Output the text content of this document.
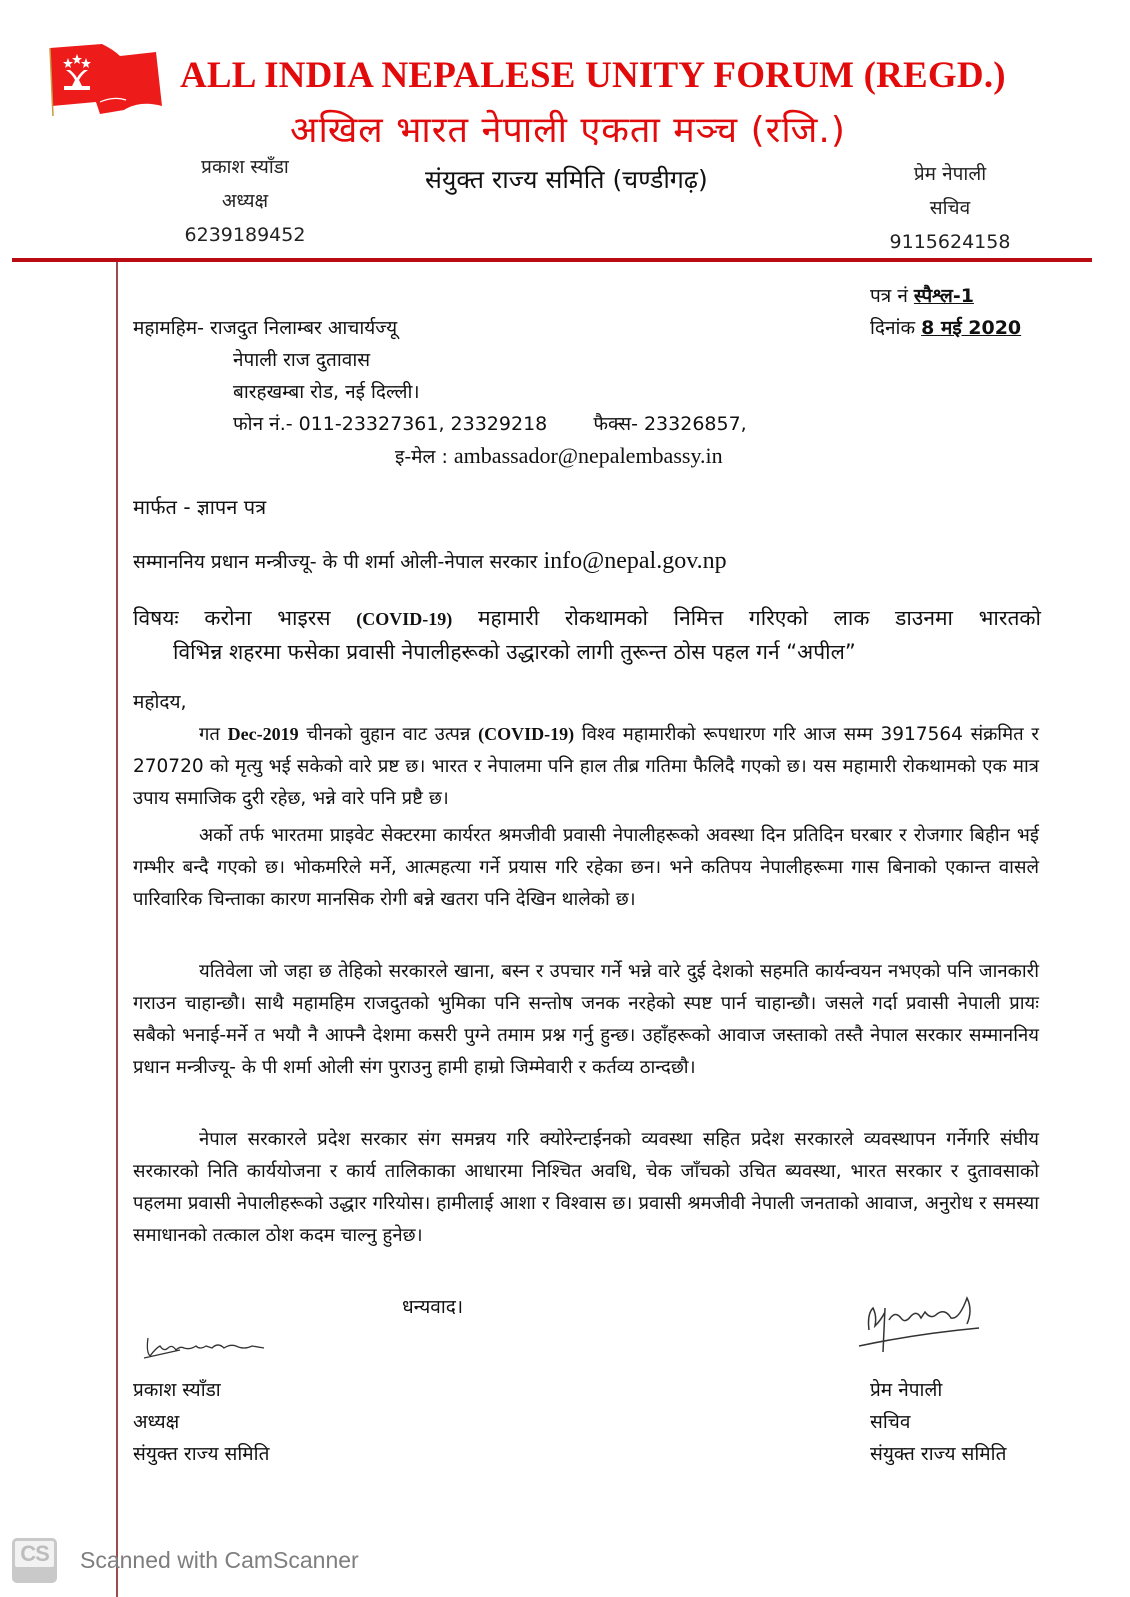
ALL INDIA NEPALESE UNITY FORUM (REGD.)
अखिल भारत नेपाली एकता मञ्च (रजि.)
संयुक्त राज्य समिति (चण्डीगढ़)
प्रकाश स्याँडा
अध्यक्ष
6239189452
प्रेम नेपाली
सचिव
9115624158
पत्र नं स्पैश्ल-1
दिनांक 8 मई 2020
महामहिम- राजदुत निलाम्बर आचार्यज्यू
नेपाली राज दुतावास
बारहखम्बा रोड, नई दिल्ली।
फोन नं.- 011-23327361, 23329218 फैक्स- 23326857,
इ-मेल : ambassador@nepalembassy.in
मार्फत - ज्ञापन पत्र
सम्माननिय प्रधान मन्त्रीज्यू- के पी शर्मा ओली-नेपाल सरकार info@nepal.gov.np
विषयः करोना भाइरस (COVID-19) महामारी रोकथामको निमित्त गरिएको लाक डाउनमा भारतको
विभिन्न शहरमा फसेका प्रवासी नेपालीहरूको उद्धारको लागी तुरून्त ठोस पहल गर्न “अपील”
महोदय,

गत Dec-2019 चीनको वुहान वाट उत्पन्न (COVID-19) विश्व महामारीको रूपधारण गरि आज सम्म 3917564 संक्रमित र 270720 को मृत्यु भई सकेको वारे प्रष्ट छ। भारत र नेपालमा पनि हाल तीब्र गतिमा फैलिदै गएको छ। यस महामारी रोकथामको एक मात्र उपाय समाजिक दुरी रहेछ, भन्ने वारे पनि प्रष्टै छ।

अर्को तर्फ भारतमा प्राइवेट सेक्टरमा कार्यरत श्रमजीवी प्रवासी नेपालीहरूको अवस्था दिन प्रतिदिन घरबार र रोजगार बिहीन भई गम्भीर बन्दै गएको छ। भोकमरिले मर्ने, आत्महत्या गर्ने प्रयास गरि रहेका छन। भने कतिपय नेपालीहरूमा गास बिनाको एकान्त वासले पारिवारिक चिन्ताका कारण मानसिक रोगी बन्ने खतरा पनि देखिन थालेको छ।

यतिवेला जो जहा छ तेहिको सरकारले खाना, बस्न र उपचार गर्ने भन्ने वारे दुई देशको सहमति कार्यन्वयन नभएको पनि जानकारी गराउन चाहान्छौ। साथै महामहिम राजदुतको भुमिका पनि सन्तोष जनक नरहेको स्पष्ट पार्न चाहान्छौ। जसले गर्दा प्रवासी नेपाली प्रायः सबैको भनाई-मर्ने त भयौ नै आफ्नै देशमा कसरी पुग्ने तमाम प्रश्न गर्नु हुन्छ। उहाँहरूको आवाज जस्ताको तस्तै नेपाल सरकार सम्माननिय प्रधान मन्त्रीज्यू- के पी शर्मा ओली संग पुराउनु हामी हाम्रो जिम्मेवारी र कर्तव्य ठान्दछौ।

नेपाल सरकारले प्रदेश सरकार संग समन्नय गरि क्योरेन्टाईनको व्यवस्था सहित प्रदेश सरकारले व्यवस्थापन गर्नेगरि संघीय सरकारको निति कार्ययोजना र कार्य तालिकाका आधारमा निश्चित अवधि, चेक जाँचको उचित ब्यवस्था, भारत सरकार र दुतावसाको पहलमा प्रवासी नेपालीहरूको उद्धार गरियोस। हामीलाई आशा र विश्वास छ। प्रवासी श्रमजीवी नेपाली जनताको आवाज, अनुरोध र समस्या समाधानको तत्काल ठोश कदम चाल्नु हुनेछ।

धन्यवाद।
प्रकाश स्याँडा
अध्यक्ष
संयुक्त राज्य समिति
प्रेम नेपाली
सचिव
संयुक्त राज्य समिति
CS	Scanned with CamScanner
